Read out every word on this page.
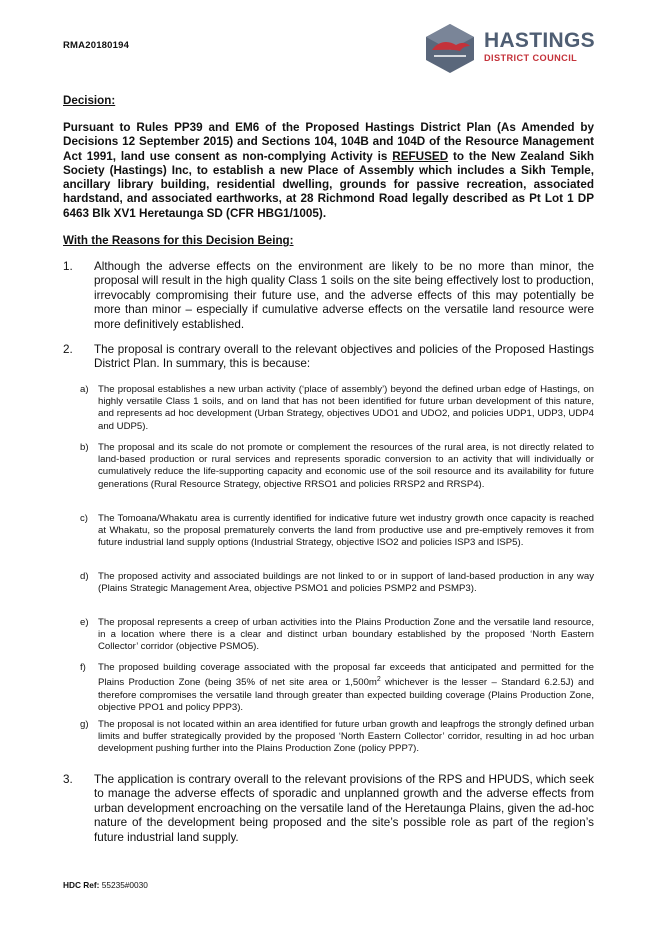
RMA20180194	HASTINGS
DISTRICT COUNCIL
Decision:
Pursuant to Rules PP39 and EM6 of the Proposed Hastings District Plan (As Amended by Decisions 12 September 2015) and Sections 104, 104B and 104D of the Resource Management Act 1991, land use consent as non-complying Activity is REFUSED to the New Zealand Sikh Society (Hastings) Inc, to establish a new Place of Assembly which includes a Sikh Temple, ancillary library building, residential dwelling, grounds for passive recreation, associated hardstand, and associated earthworks, at 28 Richmond Road legally described as Pt Lot 1 DP 6463 Blk XV1 Heretaunga SD (CFR HBG1/1005).
With the Reasons for this Decision Being:
1. Although the adverse effects on the environment are likely to be no more than minor, the proposal will result in the high quality Class 1 soils on the site being effectively lost to production, irrevocably compromising their future use, and the adverse effects of this may potentially be more than minor – especially if cumulative adverse effects on the versatile land resource were more definitively established.
2. The proposal is contrary overall to the relevant objectives and policies of the Proposed Hastings District Plan. In summary, this is because:
a) The proposal establishes a new urban activity (‘place of assembly’) beyond the defined urban edge of Hastings, on highly versatile Class 1 soils, and on land that has not been identified for future urban development of this nature, and represents ad hoc development (Urban Strategy, objectives UDO1 and UDO2, and policies UDP1, UDP3, UDP4 and UDP5).
b) The proposal and its scale do not promote or complement the resources of the rural area, is not directly related to land-based production or rural services and represents sporadic conversion to an activity that will individually or cumulatively reduce the life-supporting capacity and economic use of the soil resource and its availability for future generations (Rural Resource Strategy, objective RRSO1 and policies RRSP2 and RRSP4).
c) The Tomoana/Whakatu area is currently identified for indicative future wet industry growth once capacity is reached at Whakatu, so the proposal prematurely converts the land from productive use and pre-emptively removes it from future industrial land supply options (Industrial Strategy, objective ISO2 and policies ISP3 and ISP5).
d) The proposed activity and associated buildings are not linked to or in support of land-based production in any way (Plains Strategic Management Area, objective PSMO1 and policies PSMP2 and PSMP3).
e) The proposal represents a creep of urban activities into the Plains Production Zone and the versatile land resource, in a location where there is a clear and distinct urban boundary established by the proposed ‘North Eastern Collector’ corridor (objective PSMO5).
f) The proposed building coverage associated with the proposal far exceeds that anticipated and permitted for the Plains Production Zone (being 35% of net site area or $1,500m^2$ whichever is the lesser – Standard 6.2.5J) and therefore compromises the versatile land through greater than expected building coverage (Plains Production Zone, objective PPO1 and policy PPP3).
g) The proposal is not located within an area identified for future urban growth and leapfrogs the strongly defined urban limits and buffer strategically provided by the proposed ‘North Eastern Collector’ corridor, resulting in ad hoc urban development pushing further into the Plains Production Zone (policy PPP7).
3. The application is contrary overall to the relevant provisions of the RPS and HPUDS, which seek to manage the adverse effects of sporadic and unplanned growth and the adverse effects from urban development encroaching on the versatile land of the Heretaunga Plains, given the ad-hoc nature of the development being proposed and the site’s possible role as part of the region’s future industrial land supply.
HDC Ref: 55235#0030
